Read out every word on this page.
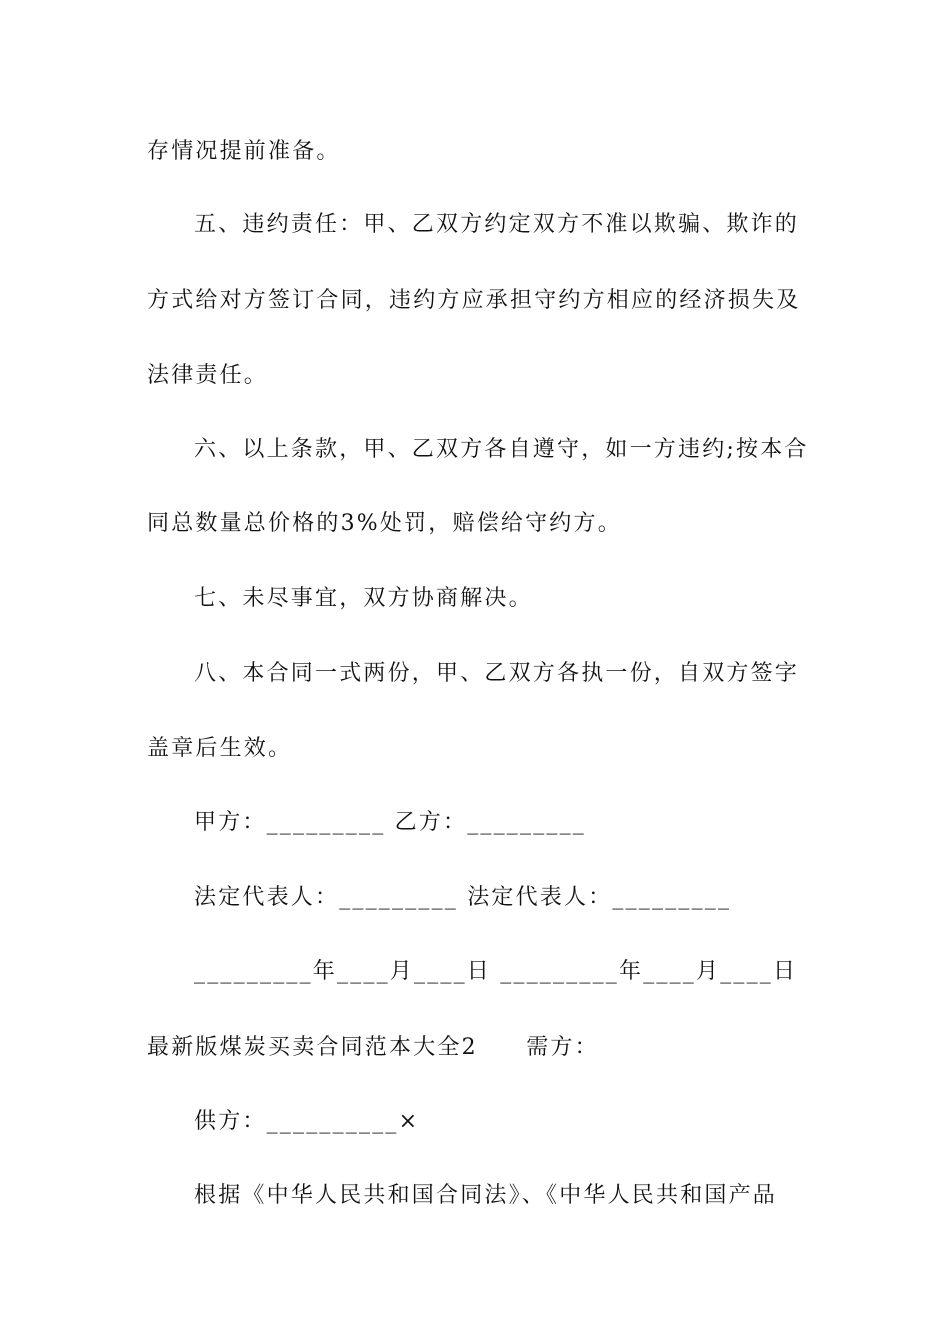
存情况提前准备。
五、违约责任：甲、乙双方约定双方不准以欺骗、欺诈的
方式给对方签订合同，违约方应承担守约方相应的经济损失及
法律责任。
六、以上条款，甲、乙双方各自遵守，如一方违约;按本合
同总数量总价格的3%处罚，赔偿给守约方。
七、未尽事宜，双方协商解决。
八、本合同一式两份，甲、乙双方各执一份，自双方签字
盖章后生效。
甲方：_________ 乙方：_________
法定代表人：_________ 法定代表人：_________
_________年____月____日 _________年____月____日
最新版煤炭买卖合同范本大全2　　需方：
供方：__________×
根据《中华人民共和国合同法》、《中华人民共和国产品
